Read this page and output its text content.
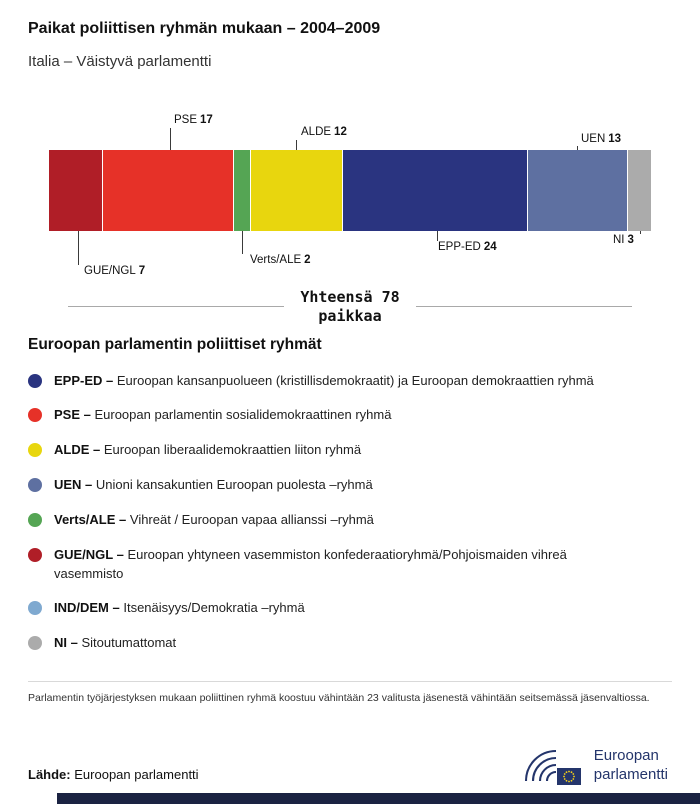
Paikat poliittisen ryhmän mukaan – 2004–2009
Italia – Väistyvä parlamentti
PSE 17
ALDE 12
UEN 13
EPP-ED 24
NI 3
Verts/ALE 2
GUE/NGL 7
Yhteensä 78
paikkaa
Euroopan parlamentin poliittiset ryhmät
EPP-ED – Euroopan kansanpuolueen (kristillisdemokraatit) ja Euroopan demokraattien ryhmä
PSE – Euroopan parlamentin sosialidemokraattinen ryhmä
ALDE – Euroopan liberaalidemokraattien liiton ryhmä
UEN – Unioni kansakuntien Euroopan puolesta –ryhmä
Verts/ALE – Vihreät / Euroopan vapaa allianssi –ryhmä
GUE/NGL – Euroopan yhtyneen vasemmiston konfederaatioryhmä/Pohjoismaiden vihreä vasemmisto
IND/DEM – Itsenäisyys/Demokratia –ryhmä
NI – Sitoutumattomat
Parlamentin työjärjestyksen mukaan poliittinen ryhmä koostuu vähintään 23 valitusta jäsenestä vähintään seitsemässä jäsenvaltiossa.
Lähde: Euroopan parlamentti
Euroopan
parlamentti
